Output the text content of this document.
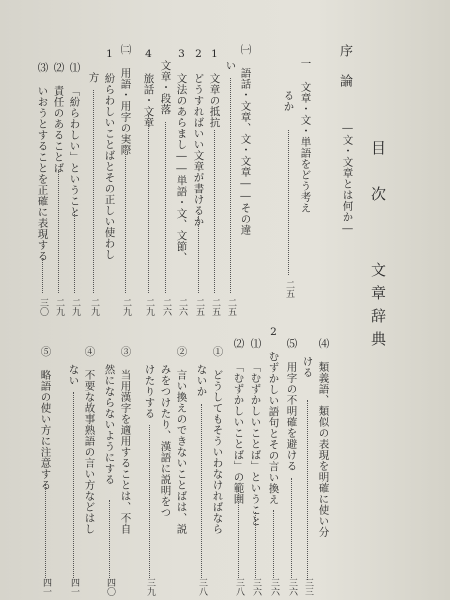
目　次
文章辞典
序　論
―文・文章とは何か―
一 文章・文・単語をどう考え
るか
二五
㈠ 語話・文章、文・文章――その違
い
二五
1 文章の抵抗
二五
2 どうすればいい文章が書けるか
二五
3 文法のあらまし――単語・文、文節、
二六
文章・段落
二六
4 旅話・文章
二九
㈡ 用語・用字の実際
二九
1 紛らわしいことばとその正しい使わし
方
二九
⑴ 「紛らわしい」ということ
二九
⑵ 責任のあることば
二九
⑶ いおうとすることを正確に表現する
三〇
⑷ 類義語、類似の表現を明確に使い分
ける
三三
⑸ 用字の不明確を避ける
三六
2 むずかしい語句とその言い換え
三六
⑴ 「むずかしいことば」ということ
三六
⑵ 「むずかしいことば」の範囲
三八
① どうしてもそういわなければなら
ないか
三八
② 言い換えのできないことばは、説
みをつけたり、漢語に説明をつ
けたりする
三九
③ 当用漢字を適用することは、不自
然にならないようにする
四〇
④ 不要な故事熟語の言い方などはし
ない
四一
⑤ 略語の使い方に注意する
四一
